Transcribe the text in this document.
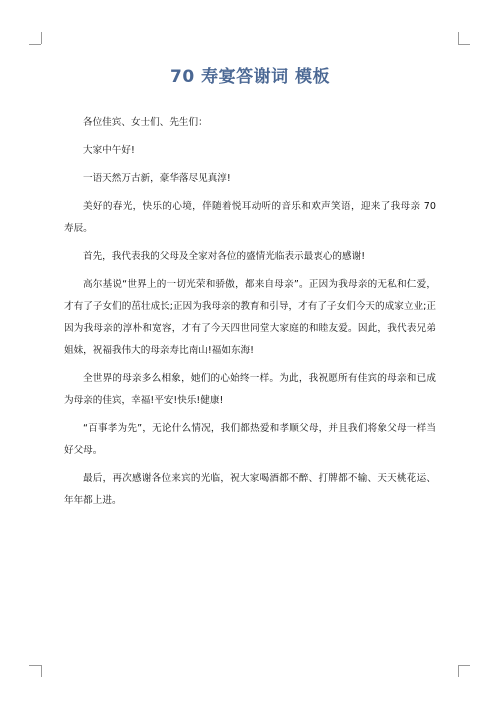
70 寿宴答谢词 模板

各位佳宾、女士们、先生们：

大家中午好!

一语天然万古新，豪华落尽见真淳!

美好的春光，快乐的心境，伴随着悦耳动听的音乐和欢声笑语，迎来了我母亲 70 寿辰。

首先，我代表我的父母及全家对各位的盛情光临表示最衷心的感谢!

高尔基说“世界上的一切光荣和骄傲，都来自母亲”。正因为我母亲的无私和仁爱，才有了子女们的茁壮成长;正因为我母亲的教育和引导，才有了子女们今天的成家立业;正因为我母亲的淳朴和宽容，才有了今天四世同堂大家庭的和睦友爱。因此，我代表兄弟姐妹，祝福我伟大的母亲寿比南山!福如东海!

全世界的母亲多么相象，她们的心始终一样。为此，我祝愿所有佳宾的母亲和已成为母亲的佳宾，幸福!平安!快乐!健康!

“百事孝为先”，无论什么情况，我们都热爱和孝顺父母，并且我们将象父母一样当好父母。

最后，再次感谢各位来宾的光临，祝大家喝酒都不醉、打牌都不输、天天桃花运、年年都上进。
